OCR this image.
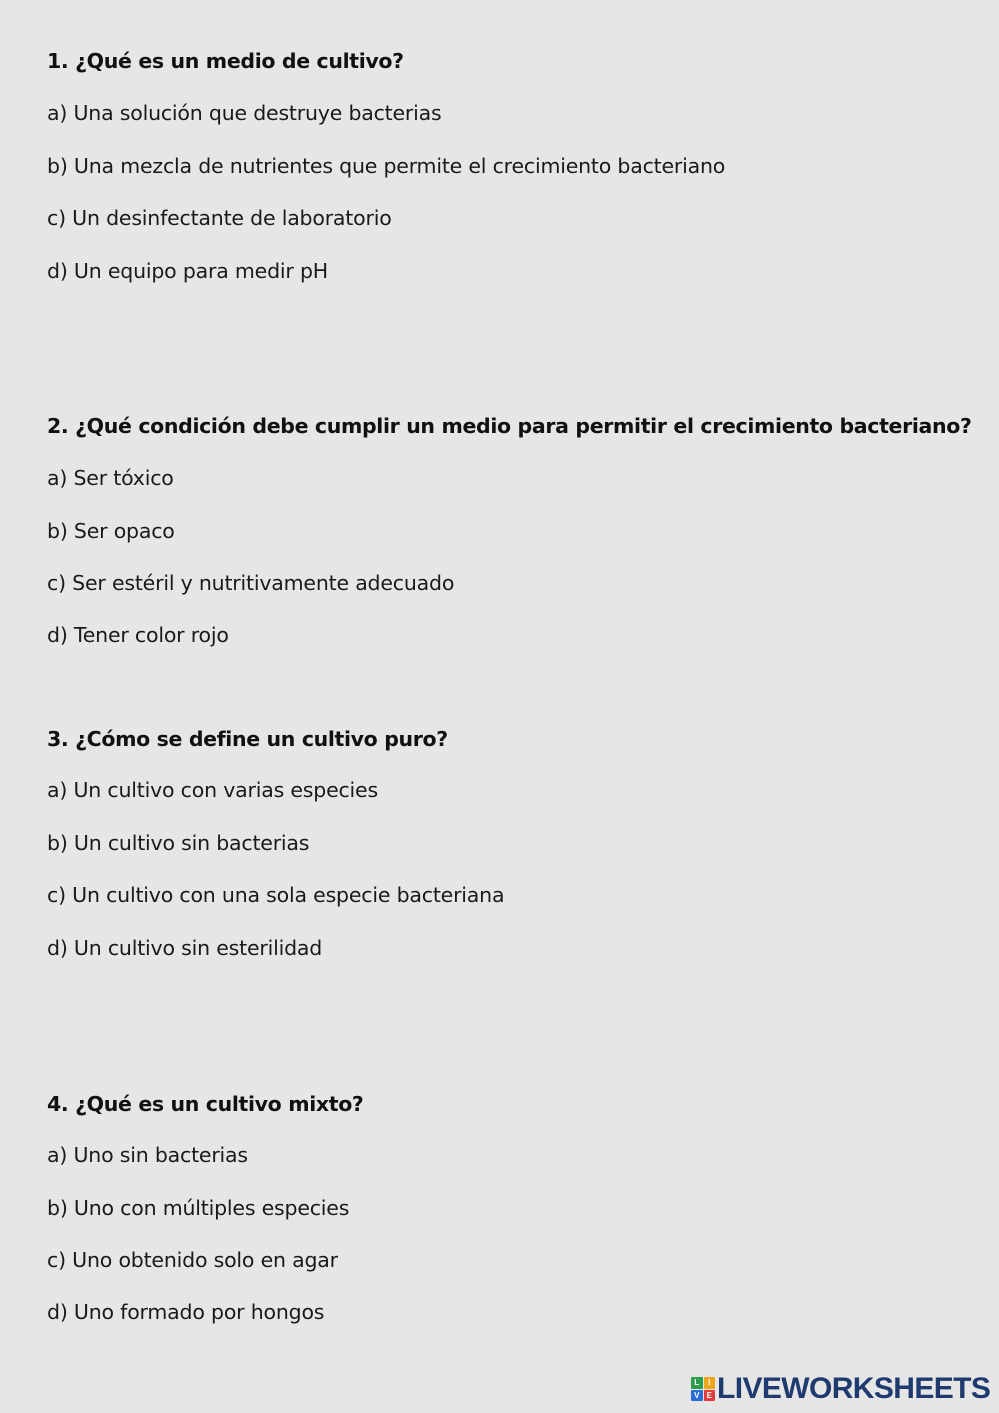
1. ¿Qué es un medio de cultivo?
a) Una solución que destruye bacterias
b) Una mezcla de nutrientes que permite el crecimiento bacteriano
c) Un desinfectante de laboratorio
d) Un equipo para medir pH
2. ¿Qué condición debe cumplir un medio para permitir el crecimiento bacteriano?
a) Ser tóxico
b) Ser opaco
c) Ser estéril y nutritivamente adecuado
d) Tener color rojo
3. ¿Cómo se define un cultivo puro?
a) Un cultivo con varias especies
b) Un cultivo sin bacterias
c) Un cultivo con una sola especie bacteriana
d) Un cultivo sin esterilidad
4. ¿Qué es un cultivo mixto?
a) Uno sin bacterias
b) Uno con múltiples especies
c) Uno obtenido solo en agar
d) Uno formado por hongos
L	I
V E LIVEWORKSHEETS
